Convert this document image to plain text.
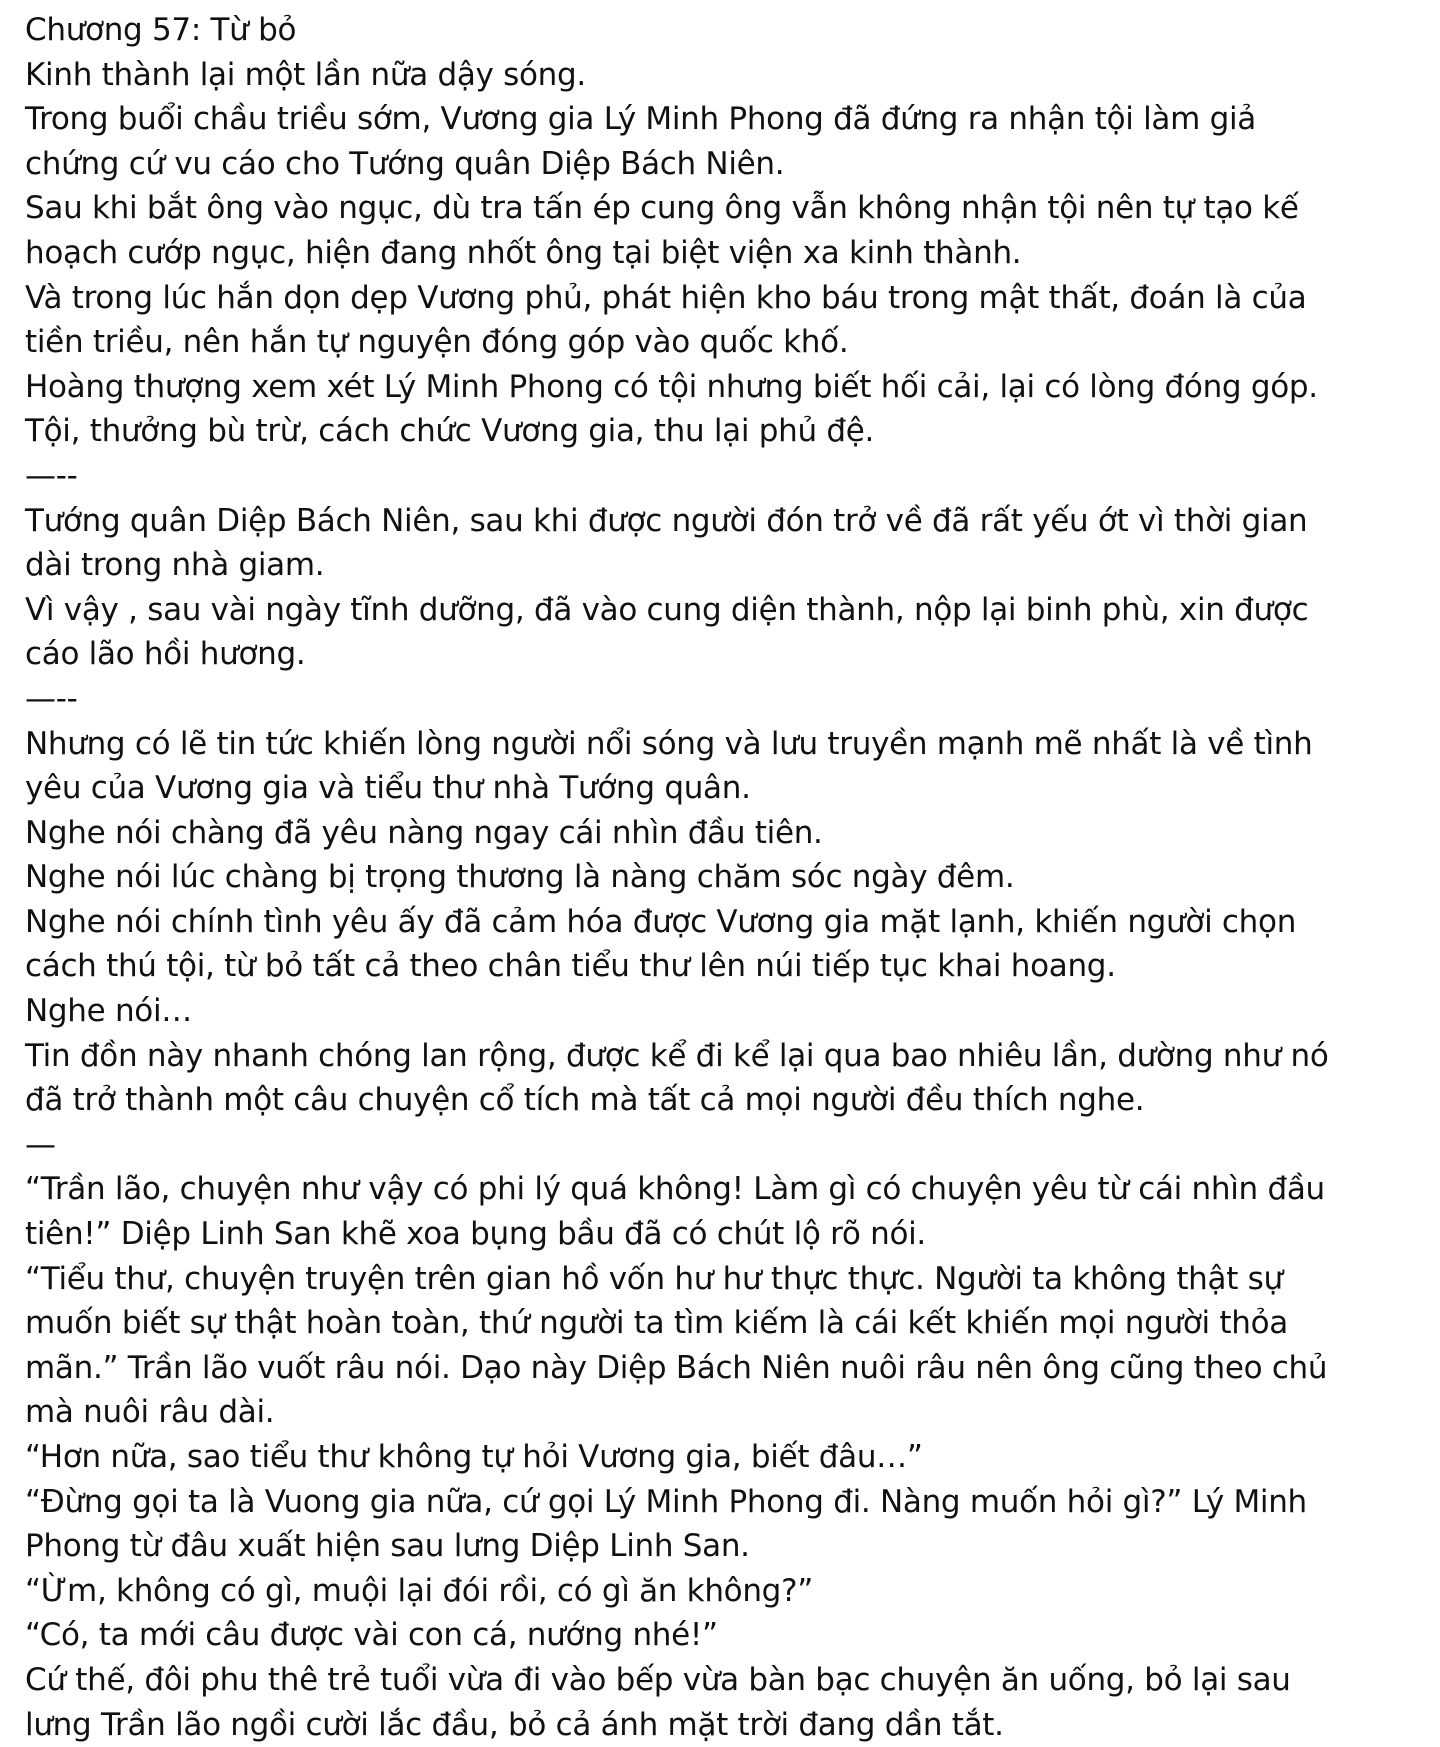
Chương 57: Từ bỏ
Kinh thành lại một lần nữa dậy sóng.
Trong buổi chầu triều sớm, Vương gia Lý Minh Phong đã đứng ra nhận tội làm giả
chứng cứ vu cáo cho Tướng quân Diệp Bách Niên.
Sau khi bắt ông vào ngục, dù tra tấn ép cung ông vẫn không nhận tội nên tự tạo kế
hoạch cướp ngục, hiện đang nhốt ông tại biệt viện xa kinh thành.
Và trong lúc hắn dọn dẹp Vương phủ, phát hiện kho báu trong mật thất, đoán là của
tiền triều, nên hắn tự nguyện đóng góp vào quốc khố.
Hoàng thượng xem xét Lý Minh Phong có tội nhưng biết hối cải, lại có lòng đóng góp.
Tội, thưởng bù trừ, cách chức Vương gia, thu lại phủ đệ.
—--
Tướng quân Diệp Bách Niên, sau khi được người đón trở về đã rất yếu ớt vì thời gian
dài trong nhà giam.
Vì vậy , sau vài ngày tĩnh dưỡng, đã vào cung diện thành, nộp lại binh phù, xin được
cáo lão hồi hương.
—--
Nhưng có lẽ tin tức khiến lòng người nổi sóng và lưu truyền mạnh mẽ nhất là về tình
yêu của Vương gia và tiểu thư nhà Tướng quân.
Nghe nói chàng đã yêu nàng ngay cái nhìn đầu tiên.
Nghe nói lúc chàng bị trọng thương là nàng chăm sóc ngày đêm.
Nghe nói chính tình yêu ấy đã cảm hóa được Vương gia mặt lạnh, khiến người chọn
cách thú tội, từ bỏ tất cả theo chân tiểu thư lên núi tiếp tục khai hoang.
Nghe nói…
Tin đồn này nhanh chóng lan rộng, được kể đi kể lại qua bao nhiêu lần, dường như nó
đã trở thành một câu chuyện cổ tích mà tất cả mọi người đều thích nghe.
—
“Trần lão, chuyện như vậy có phi lý quá không! Làm gì có chuyện yêu từ cái nhìn đầu
tiên!” Diệp Linh San khẽ xoa bụng bầu đã có chút lộ rõ nói.
“Tiểu thư, chuyện truyện trên gian hồ vốn hư hư thực thực. Người ta không thật sự
muốn biết sự thật hoàn toàn, thứ người ta tìm kiếm là cái kết khiến mọi người thỏa
mãn.” Trần lão vuốt râu nói. Dạo này Diệp Bách Niên nuôi râu nên ông cũng theo chủ
mà nuôi râu dài.
“Hơn nữa, sao tiểu thư không tự hỏi Vương gia, biết đâu…”
“Đừng gọi ta là Vuong gia nữa, cứ gọi Lý Minh Phong đi. Nàng muốn hỏi gì?” Lý Minh
Phong từ đâu xuất hiện sau lưng Diệp Linh San.
“Ừm, không có gì, muội lại đói rồi, có gì ăn không?”
“Có, ta mới câu được vài con cá, nướng nhé!”
Cứ thế, đôi phu thê trẻ tuổi vừa đi vào bếp vừa bàn bạc chuyện ăn uống, bỏ lại sau
lưng Trần lão ngồi cười lắc đầu, bỏ cả ánh mặt trời đang dần tắt.
